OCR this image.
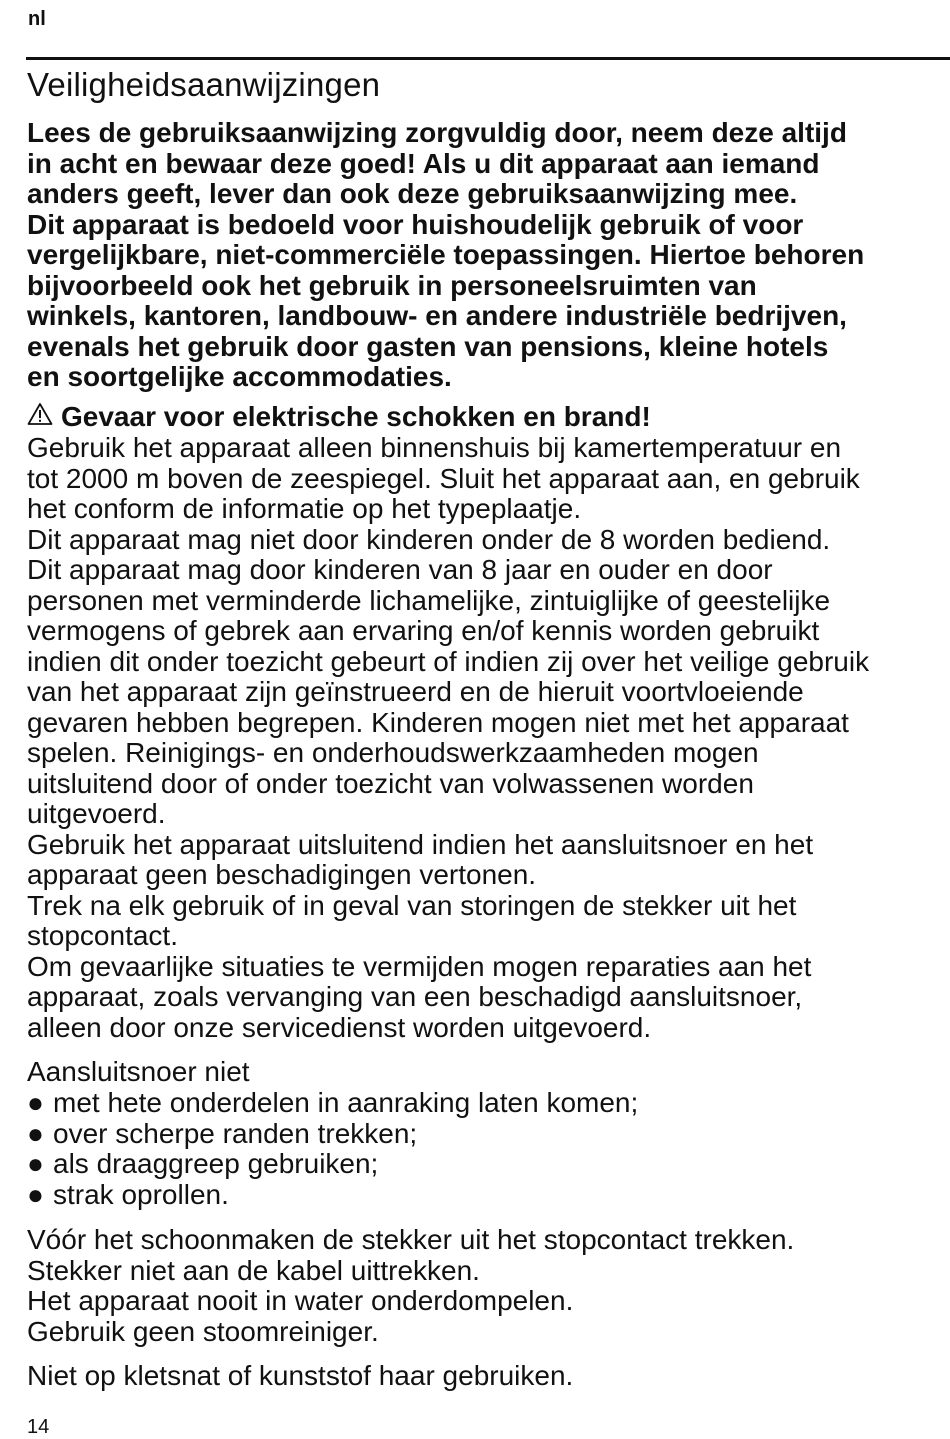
nl
Veiligheidsaanwijzingen

Lees de gebruiksaanwijzing zorgvuldig door, neem deze altijd
in acht en bewaar deze goed! Als u dit apparaat aan iemand
anders geeft, lever dan ook deze gebruiksaanwijzing mee.
Dit apparaat is bedoeld voor huishoudelijk gebruik of voor
vergelijkbare, niet-commerciële toepassingen. Hiertoe behoren
bijvoorbeeld ook het gebruik in personeelsruimten van
winkels, kantoren, landbouw- en andere industriële bedrijven,
evenals het gebruik door gasten van pensions, kleine hotels
en soortgelijke accommodaties.

Gevaar voor elektrische schokken en brand!

Gebruik het apparaat alleen binnenshuis bij kamertemperatuur en
tot 2000 m boven de zeespiegel. Sluit het apparaat aan, en gebruik
het conform de informatie op het typeplaatje.
Dit apparaat mag niet door kinderen onder de 8 worden bediend.
Dit apparaat mag door kinderen van 8 jaar en ouder en door
personen met verminderde lichamelijke, zintuiglijke of geestelijke
vermogens of gebrek aan ervaring en/of kennis worden gebruikt
indien dit onder toezicht gebeurt of indien zij over het veilige gebruik
van het apparaat zijn geïnstrueerd en de hieruit voortvloeiende
gevaren hebben begrepen. Kinderen mogen niet met het apparaat
spelen. Reinigings- en onderhoudswerkzaamheden mogen
uitsluitend door of onder toezicht van volwassenen worden
uitgevoerd.
Gebruik het apparaat uitsluitend indien het aansluitsnoer en het
apparaat geen beschadigingen vertonen.
Trek na elk gebruik of in geval van storingen de stekker uit het
stopcontact.
Om gevaarlijke situaties te vermijden mogen reparaties aan het
apparaat, zoals vervanging van een beschadigd aansluitsnoer,
alleen door onze servicedienst worden uitgevoerd.

Aansluitsnoer niet

● met hete onderdelen in aanraking laten komen;
● over scherpe randen trekken;
● als draaggreep gebruiken;
● strak oprollen.

Vóór het schoonmaken de stekker uit het stopcontact trekken.
Stekker niet aan de kabel uittrekken.
Het apparaat nooit in water onderdompelen.
Gebruik geen stoomreiniger.

Niet op kletsnat of kunststof haar gebruiken.

14
